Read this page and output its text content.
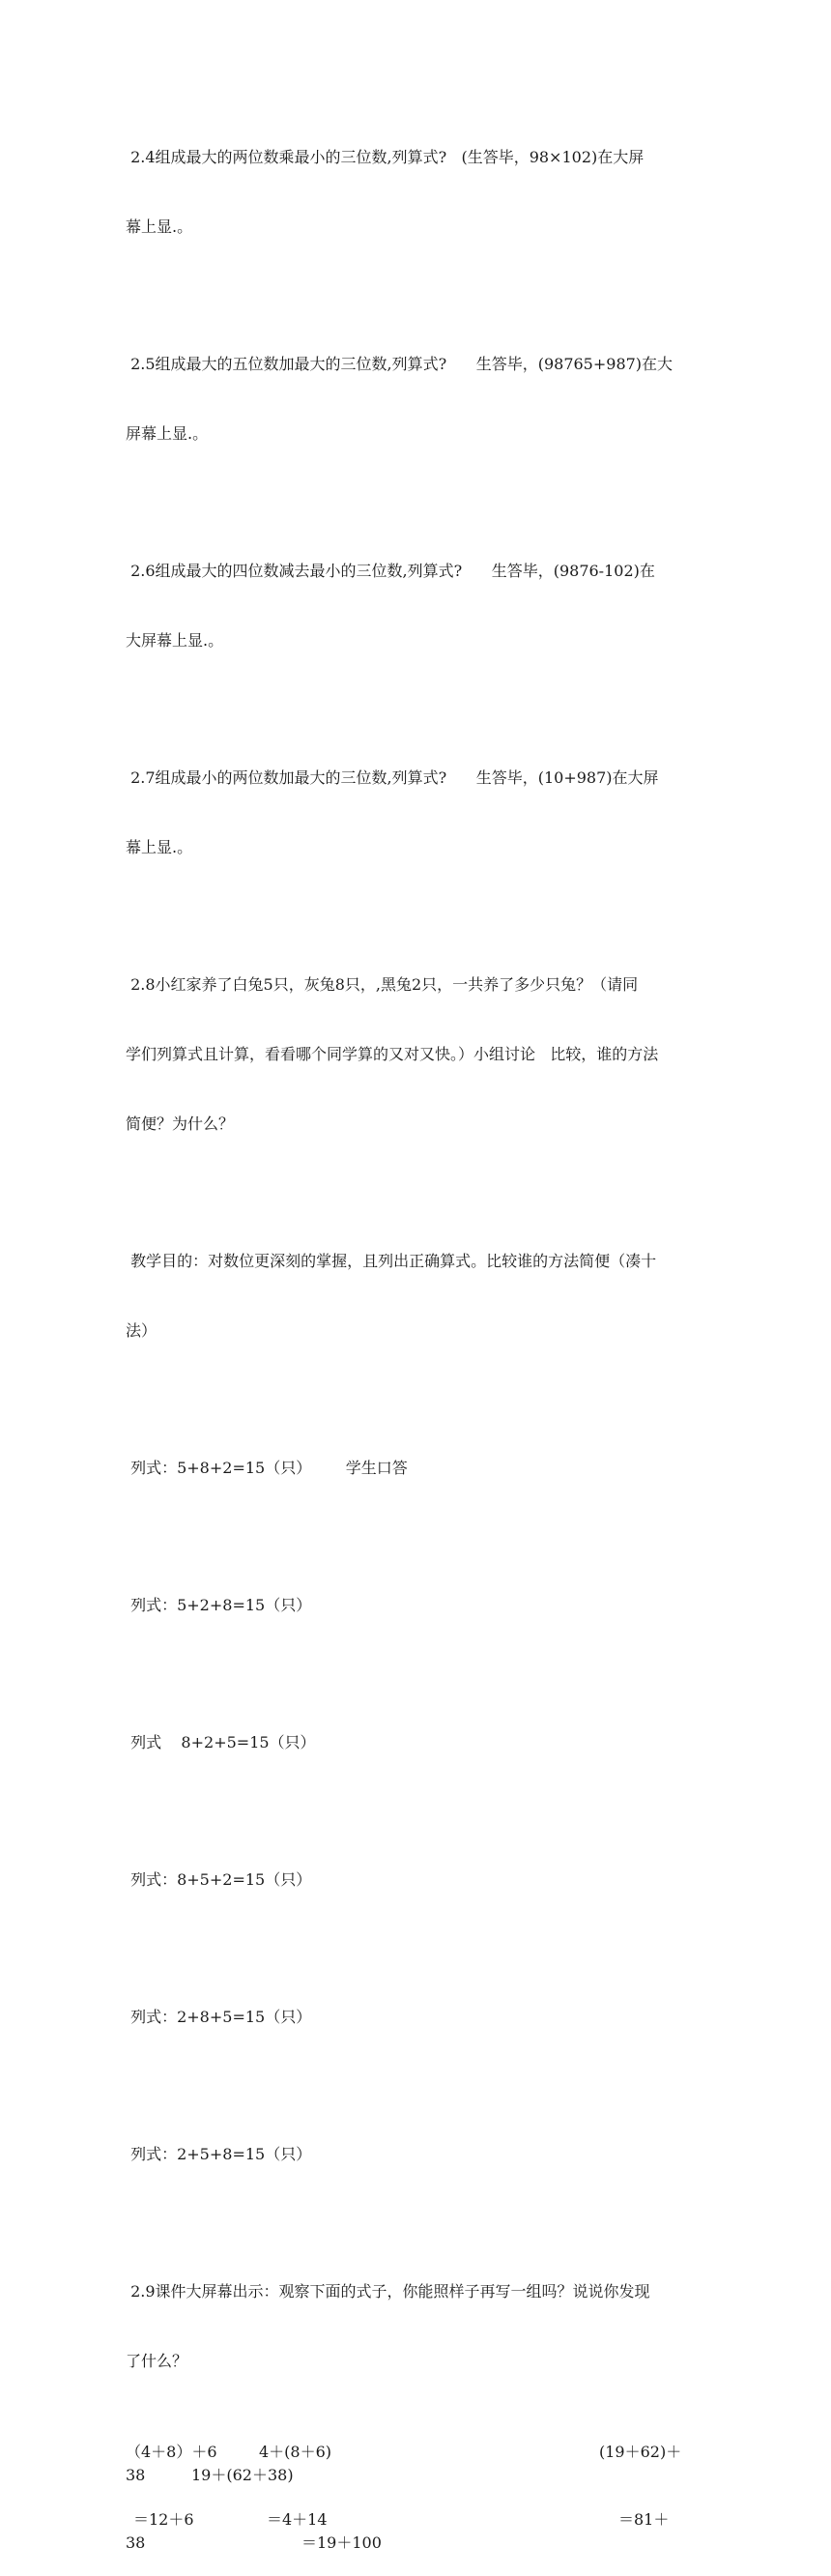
2.4组成最大的两位数乘最小的三位数,列算式?   (生答毕，98×102)在大屏

幕上显.。

2.5组成最大的五位数加最大的三位数,列算式?      生答毕，(98765+987)在大

屏幕上显.。

2.6组成最大的四位数减去最小的三位数,列算式?      生答毕，(9876-102)在

大屏幕上显.。

2.7组成最小的两位数加最大的三位数,列算式?      生答毕，(10+987)在大屏

幕上显.。

2.8小红家养了白兔5只，灰兔8只，,黑兔2只，一共养了多少只兔？（请同

学们列算式且计算，看看哪个同学算的又对又快。）小组讨论   比较，谁的方法

简便？为什么？

教学目的：对数位更深刻的掌握，且列出正确算式。比较谁的方法简便（凑十

法）

列式：5+8+2=15（只）       学生口答

列式：5+2+8=15（只）

列式    8+2+5=15（只）

列式：8+5+2=15（只）

列式：2+8+5=15（只）

列式：2+5+8=15（只）

2.9课件大屏幕出示：观察下面的式子，你能照样子再写一组吗？说说你发现

了什么？

（4＋8）＋6	4＋(8＋6)	(19＋62)＋
38	19＋(62＋38)
＝12＋6	＝4＋14	＝81＋
38	＝19＋100
